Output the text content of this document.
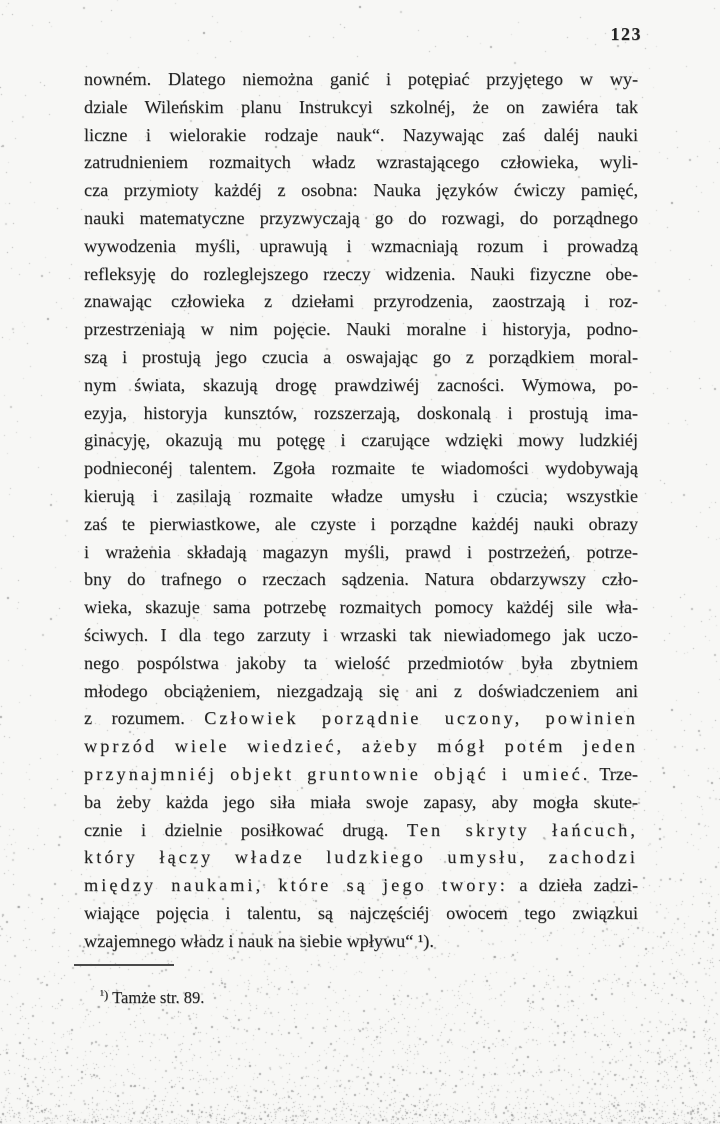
123
nowném. Dlatego niemożna ganić i potępiać przyjętego w wy-
dziale Wileńskim planu Instrukcyi szkolnéj, że on zawiéra tak
liczne i wielorakie rodzaje nauk“. Nazywając zaś daléj nauki
zatrudnieniem rozmaitych władz wzrastającego człowieka, wyli-
cza przymioty każdéj z osobna: Nauka języków ćwiczy pamięć,
nauki matematyczne przyzwyczają go do rozwagi, do porządnego
wywodzenia myśli, uprawują i wzmacniają rozum i prowadzą
refleksyję do rozleglejszego rzeczy widzenia. Nauki fizyczne obe-
znawając człowieka z dziełami przyrodzenia, zaostrzają i roz-
przestrzeniają w nim pojęcie. Nauki moralne i historyja, podno-
szą i prostują jego czucia a oswajając go z porządkiem moral-
nym świata, skazują drogę prawdziwéj zacności. Wymowa, po-
ezyja, historyja kunsztów, rozszerzają, doskonalą i prostują ima-
ginacyję, okazują mu potęgę i czarujące wdzięki mowy ludzkiéj
podnieconéj talentem. Zgoła rozmaite te wiadomości wydobywają
kierują i zasilają rozmaite władze umysłu i czucia; wszystkie
zaś te pierwiastkowe, ale czyste i porządne każdéj nauki obrazy
i wrażenia składają magazyn myśli, prawd i postrzeżeń, potrze-
bny do trafnego o rzeczach sądzenia. Natura obdarzywszy czło-
wieka, skazuje sama potrzebę rozmaitych pomocy każdéj sile wła-
ściwych. I dla tego zarzuty i wrzaski tak niewiadomego jak uczo-
nego pospólstwa jakoby ta wielość przedmiotów była zbytniem
młodego obciążeniem, niezgadzają się ani z doświadczeniem ani
z rozumem. Człowiek porządnie uczony, powinien
wprzód wiele wiedzieć, ażeby mógł potém jeden
przynajmniéj objekt gruntownie objąć i umieć. Trze-
ba żeby każda jego siła miała swoje zapasy, aby mogła skute-
cznie i dzielnie posiłkować drugą. Ten skryty łańcuch,
który łączy władze ludzkiego umysłu, zachodzi
między naukami, które są jego twory: a dzieła zadzi-
wiające pojęcia i talentu, są najczęściéj owocem tego związkui
wzajemnego władz i nauk na siebie wpływu“ ¹).
$^{^1)}$ Tamże str. 89.
